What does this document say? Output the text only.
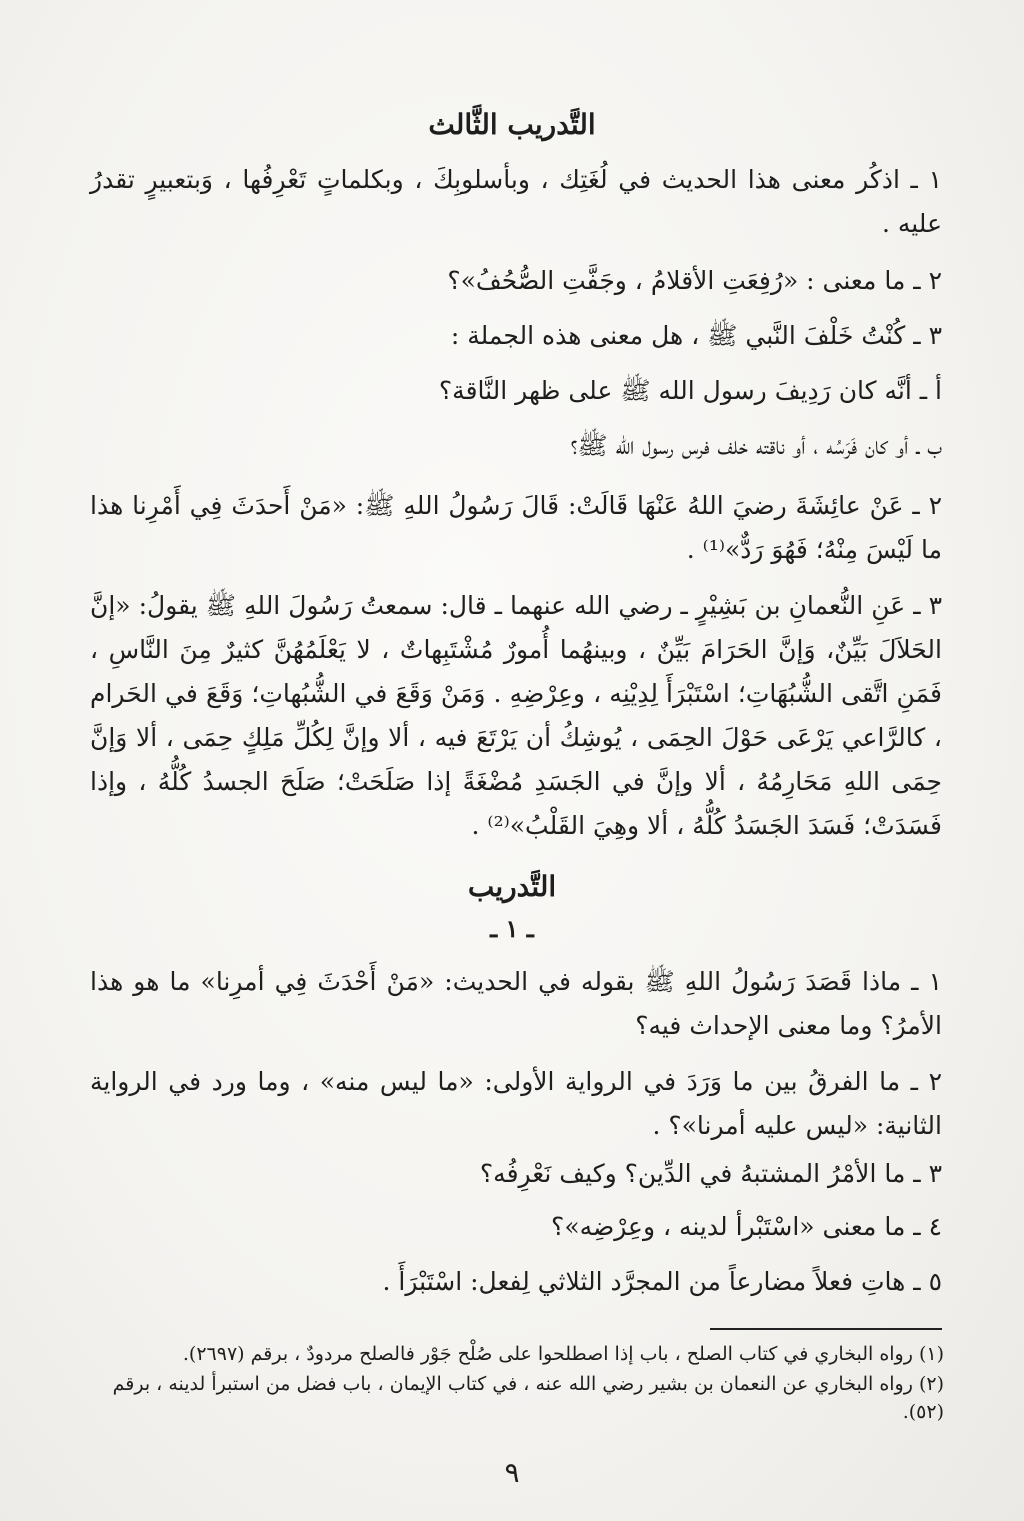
التَّدريب الثَّالث
١ ـ اذكُر معنى هذا الحديث في لُغَتِك ، وبأسلوبِكَ ، وبكلماتٍ تَعْرِفُها ، وَبتعبيرٍ تقدرُ عليه .
٢ ـ ما معنى : «رُفِعَتِ الأقلامُ ، وجَفَّتِ الصُّحُفُ»؟
٣ ـ كُنْتُ خَلْفَ النَّبي ﷺ ، هل معنى هذه الجملة :
أ ـ أنَّه كان رَدِيفَ رسول الله ﷺ على ظهر النَّاقة؟
ب ـ أو كان فَرَسُه ، أو ناقته خلف فرس رسول الله ﷺ؟
٢ ـ عَنْ عائِشَةَ رضيَ اللهُ عَنْهَا قَالَتْ: قَالَ رَسُولُ اللهِ ﷺ: «مَنْ أَحدَثَ فِي أَمْرِنا هذا ما لَيْسَ مِنْهُ؛ فَهُوَ رَدٌّ»⁽¹⁾ .
٣ ـ عَنِ النُّعمانِ بن بَشِيْرٍ ـ رضي الله عنهما ـ قال: سمعتُ رَسُولَ اللهِ ﷺ يقولُ: «إنَّ الحَلاَلَ بَيِّنٌ، وَإنَّ الحَرَامَ بَيِّنٌ ، وبينهُما أُمورٌ مُشْتَبِهاتٌ ، لا يَعْلَمُهُنَّ كثيرٌ مِنَ النَّاسِ ، فَمَنِ اتَّقى الشُّبُهَاتِ؛ اسْتَبْرَأَ لِدِيْنِه ، وعِرْضِهِ . وَمَنْ وَقَعَ في الشُّبُهاتِ؛ وَقَعَ في الحَرام ، كالرَّاعي يَرْعَى حَوْلَ الحِمَى ، يُوشِكُ أن يَرْتَعَ فيه ، ألا وإنَّ لِكُلِّ مَلِكٍ حِمَى ، ألا وَإنَّ حِمَى اللهِ مَحَارِمُهُ ، ألا وإنَّ في الجَسَدِ مُضْغَةً إذا صَلَحَتْ؛ صَلَحَ الجسدُ كُلُّهُ ، وإذا فَسَدَتْ؛ فَسَدَ الجَسَدُ كُلُّهُ ، ألا وهِيَ القَلْبُ»⁽²⁾ .
التَّدريب
ـ ١ ـ
١ ـ ماذا قَصَدَ رَسُولُ اللهِ ﷺ بقوله في الحديث: «مَنْ أَحْدَثَ فِي أمرِنا» ما هو هذا الأمرُ؟ وما معنى الإحداث فيه؟
٢ ـ ما الفرقُ بين ما وَرَدَ في الرواية الأولى: «ما ليس منه» ، وما ورد في الرواية الثانية: «ليس عليه أمرنا»؟ .
٣ ـ ما الأمْرُ المشتبهُ في الدِّين؟ وكيف نَعْرِفُه؟
٤ ـ ما معنى «اسْتَبْرأ لدينه ، وعِرْضِه»؟
٥ ـ هاتِ فعلاً مضارعاً من المجرَّد الثلاثي لِفعل: اسْتَبْرَأَ .
(١) رواه البخاري في كتاب الصلح ، باب إذا اصطلحوا على صُلْح جَوْر فالصلح مردودٌ ، برقم (٢٦٩٧).
(٢) رواه البخاري عن النعمان بن بشير رضي الله عنه ، في كتاب الإيمان ، باب فضل من استبرأ لدينه ، برقم (٥٢).
٩
